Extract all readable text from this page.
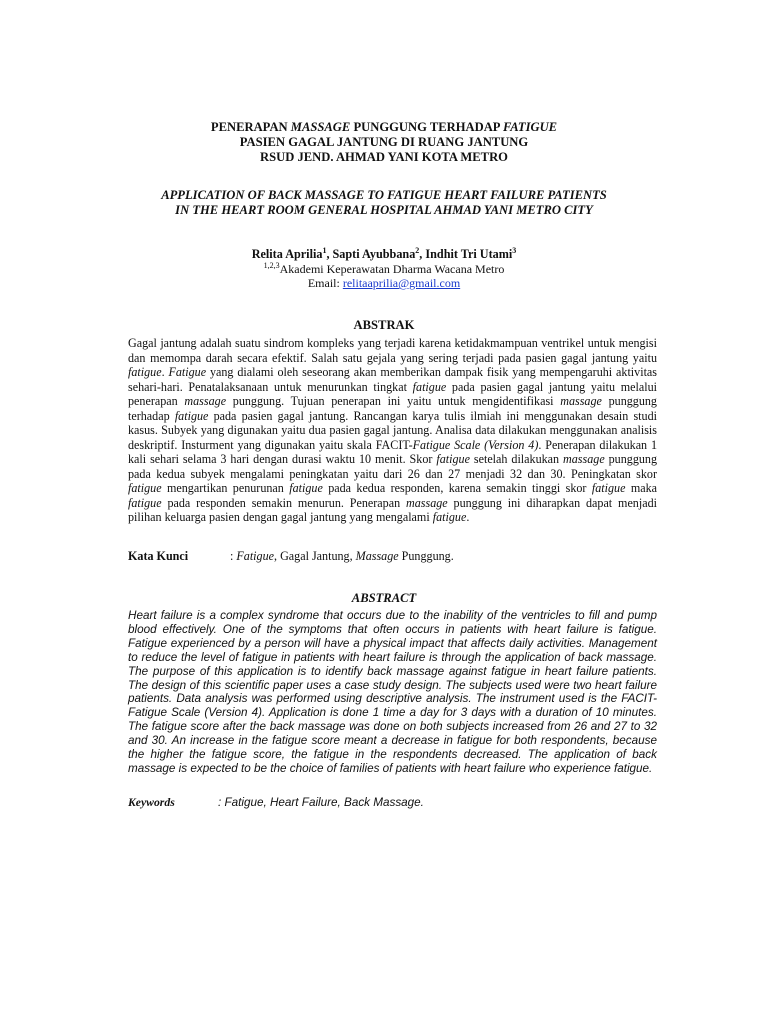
PENERAPAN MASSAGE PUNGGUNG TERHADAP FATIGUE
PASIEN GAGAL JANTUNG DI RUANG JANTUNG
RSUD JEND. AHMAD YANI KOTA METRO
APPLICATION OF BACK MASSAGE TO FATIGUE HEART FAILURE PATIENTS
IN THE HEART ROOM GENERAL HOSPITAL AHMAD YANI METRO CITY
Relita Aprilia$^1$, Sapti Ayubbana$^2$, Indhit Tri Utami$^3$
$^{1,2,3}$Akademi Keperawatan Dharma Wacana Metro
Email: relitaaprilia@gmail.com
ABSTRAK
Gagal jantung adalah suatu sindrom kompleks yang terjadi karena ketidakmampuan ventrikel untuk mengisi dan memompa darah secara efektif. Salah satu gejala yang sering terjadi pada pasien gagal jantung yaitu fatigue. Fatigue yang dialami oleh seseorang akan memberikan dampak fisik yang mempengaruhi aktivitas sehari-hari. Penatalaksanaan untuk menurunkan tingkat fatigue pada pasien gagal jantung yaitu melalui penerapan massage punggung. Tujuan penerapan ini yaitu untuk mengidentifikasi massage punggung terhadap fatigue pada pasien gagal jantung. Rancangan karya tulis ilmiah ini menggunakan desain studi kasus. Subyek yang digunakan yaitu dua pasien gagal jantung. Analisa data dilakukan menggunakan analisis deskriptif. Insturment yang digunakan yaitu skala FACIT-Fatigue Scale (Version 4). Penerapan dilakukan 1 kali sehari selama 3 hari dengan durasi waktu 10 menit. Skor fatigue setelah dilakukan massage punggung pada kedua subyek mengalami peningkatan yaitu dari 26 dan 27 menjadi 32 dan 30. Peningkatan skor fatigue mengartikan penurunan fatigue pada kedua responden, karena semakin tinggi skor fatigue maka fatigue pada responden semakin menurun. Penerapan massage punggung ini diharapkan dapat menjadi pilihan keluarga pasien dengan gagal jantung yang mengalami fatigue.
Kata Kunci	: Fatigue, Gagal Jantung, Massage Punggung.
ABSTRACT
Heart failure is a complex syndrome that occurs due to the inability of the ventricles to fill and pump blood effectively. One of the symptoms that often occurs in patients with heart failure is fatigue. Fatigue experienced by a person will have a physical impact that affects daily activities. Management to reduce the level of fatigue in patients with heart failure is through the application of back massage. The purpose of this application is to identify back massage against fatigue in heart failure patients. The design of this scientific paper uses a case study design. The subjects used were two heart failure patients. Data analysis was performed using descriptive analysis. The instrument used is the FACIT-Fatigue Scale (Version 4). Application is done 1 time a day for 3 days with a duration of 10 minutes. The fatigue score after the back massage was done on both subjects increased from 26 and 27 to 32 and 30. An increase in the fatigue score meant a decrease in fatigue for both respondents, because the higher the fatigue score, the fatigue in the respondents decreased. The application of back massage is expected to be the choice of families of patients with heart failure who experience fatigue.
Keywords	: Fatigue, Heart Failure, Back Massage.
